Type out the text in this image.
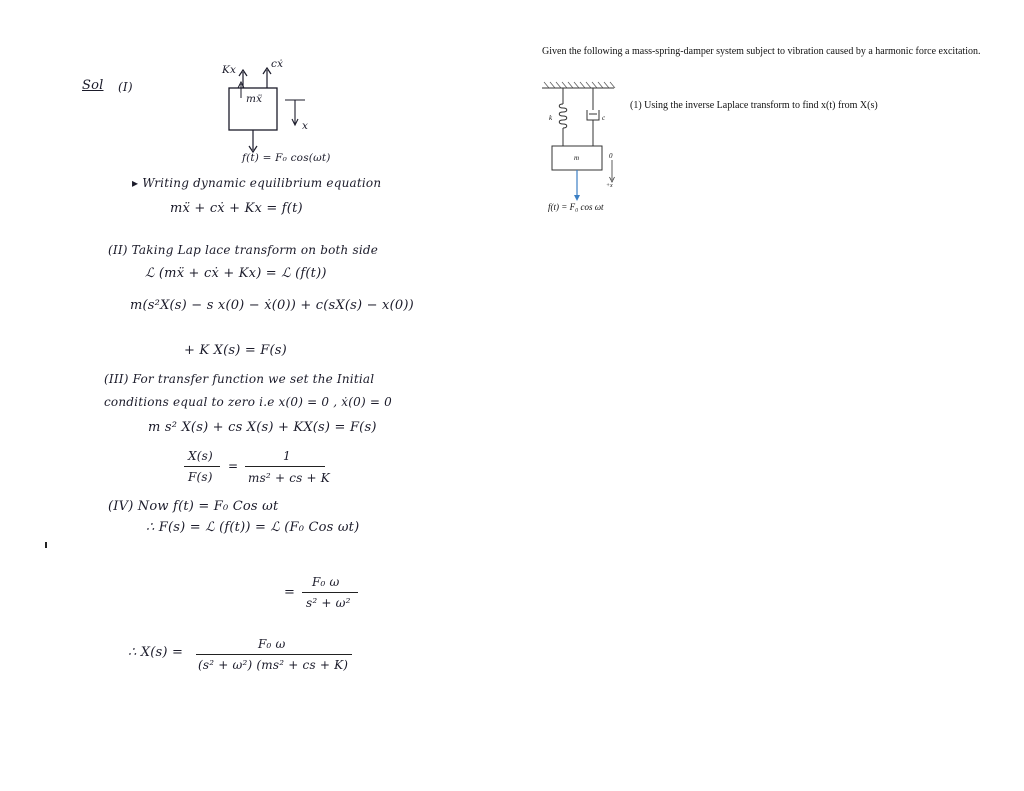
Given the following a mass-spring-damper system subject to vibration caused by a harmonic force excitation.
k	c
m	0
+x
f(t) = F₀ cos ωt
(1) Using the inverse Laplace transform to find x(t) from X(s)
Sol (I)
Kx	cẋ
mẍ
x
f(t) = F₀ cos(ωt)
▸ Writing dynamic equilibrium equation
mẍ + cẋ + Kx = f(t)
(II) Taking Lap lace transform on both side
ℒ (mẍ + cẋ + Kx) = ℒ (f(t))
m(s²X(s) − s x(0) − ẋ(0)) + c(sX(s) − x(0))
+ K X(s) = F(s)
(III) For transfer function we set the Initial
conditions equal to zero i.e x(0) = 0 , ẋ(0) = 0
m s² X(s) + cs X(s) + KX(s) = F(s)
X(s)
F(s)
=
1
ms² + cs + K
(IV) Now f(t) = F₀ Cos ωt
∴ F(s) = ℒ (f(t)) = ℒ (F₀ Cos ωt)
=
F₀ ω
s² + ω²
∴ X(s) =
F₀ ω
(s² + ω²) (ms² + cs + K)
